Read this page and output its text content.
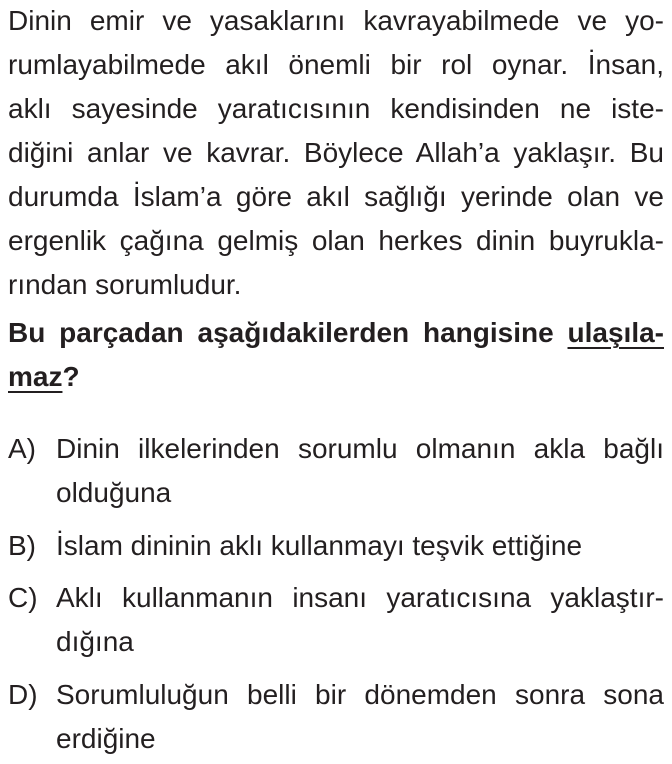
Dinin emir ve yasaklarını kavrayabilmede ve yo-
rumlayabilmede akıl önemli bir rol oynar. İnsan,
aklı sayesinde yaratıcısının kendisinden ne iste-
diğini anlar ve kavrar. Böylece Allah’a yaklaşır. Bu
durumda İslam’a göre akıl sağlığı yerinde olan ve
ergenlik çağına gelmiş olan herkes dinin buyrukla-
rından sorumludur.
Bu parçadan aşağıdakilerden hangisine ulaşıla-
maz?
A) Dinin ilkelerinden sorumlu olmanın akla bağlı
olduğuna
B) İslam dininin aklı kullanmayı teşvik ettiğine
C) Aklı kullanmanın insanı yaratıcısına yaklaştır-
dığına
D) Sorumluluğun belli bir dönemden sonra sona
erdiğine
